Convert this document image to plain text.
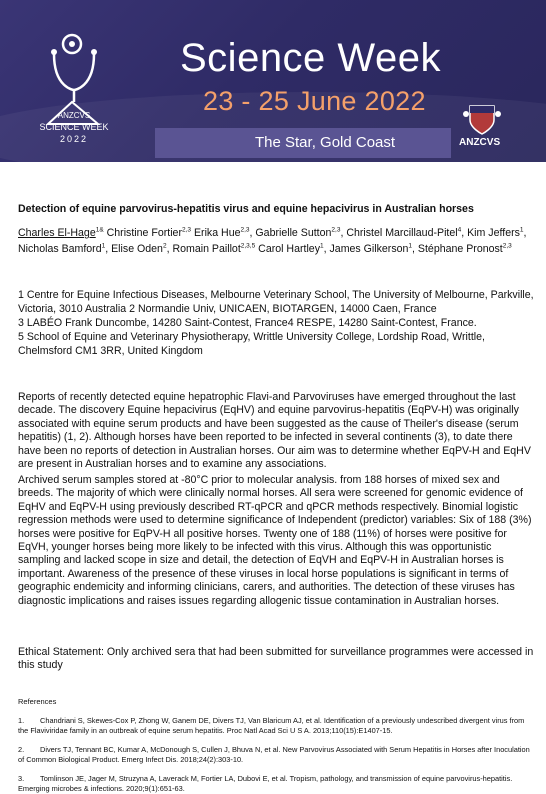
ANZCVS
SCIENCE WEEK
2022
Science Week
23 - 25 June 2022
The Star, Gold Coast	ANZCVS
Detection of equine parvovirus-hepatitis virus and equine hepacivirus in Australian horses
Charles El-Hage$^{1\&}$ Christine Fortier$^{2,3}$ Erika Hue$^{2,3}$, Gabrielle Sutton$^{2,3}$, Christel Marcillaud-Pitel$^4$, Kim Jeffers$^1$, Nicholas Bamford$^1$, Elise Oden$^2$, Romain Paillot$^{2,3,5}$ Carol Hartley$^1$, James Gilkerson$^1$, Stéphane Pronost$^{2,3}$

1 Centre for Equine Infectious Diseases, Melbourne Veterinary School, The University of Melbourne, Parkville, Victoria, 3010 Australia 2 Normandie Univ, UNICAEN, BIOTARGEN, 14000 Caen, France

3 LABÉO Frank Duncombe, 14280 Saint-Contest, France4 RESPE, 14280 Saint-Contest, France.

5 School of Equine and Veterinary Physiotherapy, Writtle University College, Lordship Road, Writtle, Chelmsford CM1 3RR, United Kingdom

Reports of recently detected equine hepatrophic Flavi-and Parvoviruses have emerged throughout the last decade. The discovery Equine hepacivirus (EqHV) and equine parvovirus-hepatitis (EqPV-H) was originally associated with equine serum products and have been suggested as the cause of Theiler's disease (serum hepatitis) (1, 2). Although horses have been reported to be infected in several continents (3), to date there have been no reports of detection in Australian horses. Our aim was to determine whether EqPV-H and EqHV are present in Australian horses and to examine any associations.

Archived serum samples stored at -80°C prior to molecular analysis. from 188 horses of mixed sex and breeds. The majority of which were clinically normal horses. All sera were screened for genomic evidence of EqHV and EqPV-H using previously described RT-qPCR and qPCR methods respectively. Binomial logistic regression methods were used to determine significance of Independent (predictor) variables: Six of 188 (3%) horses were positive for EqPV-H all positive horses. Twenty one of 188 (11%) of horses were positive for EqVH, younger horses being more likely to be infected with this virus. Although this was opportunistic sampling and lacked scope in size and detail, the detection of EqVH and EqPV-H in Australian horses is important. Awareness of the presence of these viruses in local horse populations is significant in terms of geographic endemicity and informing clinicians, carers, and authorities. The detection of these viruses has diagnostic implications and raises issues regarding allogenic tissue contamination in Australian horses.

Ethical Statement: Only archived sera that had been submitted for surveillance programmes were accessed in this study

References
1. Chandriani S, Skewes-Cox P, Zhong W, Ganem DE, Divers TJ, Van Blaricum AJ, et al. Identification of a previously undescribed divergent virus from the Flaviviridae family in an outbreak of equine serum hepatitis. Proc Natl Acad Sci U S A. 2013;110(15):E1407-15.
2. Divers TJ, Tennant BC, Kumar A, McDonough S, Cullen J, Bhuva N, et al. New Parvovirus Associated with Serum Hepatitis in Horses after Inoculation of Common Biological Product. Emerg Infect Dis. 2018;24(2):303-10.
3. Tomlinson JE, Jager M, Struzyna A, Laverack M, Fortier LA, Dubovi E, et al. Tropism, pathology, and transmission of equine parvovirus-hepatitis. Emerging microbes & infections. 2020;9(1):651-63.
